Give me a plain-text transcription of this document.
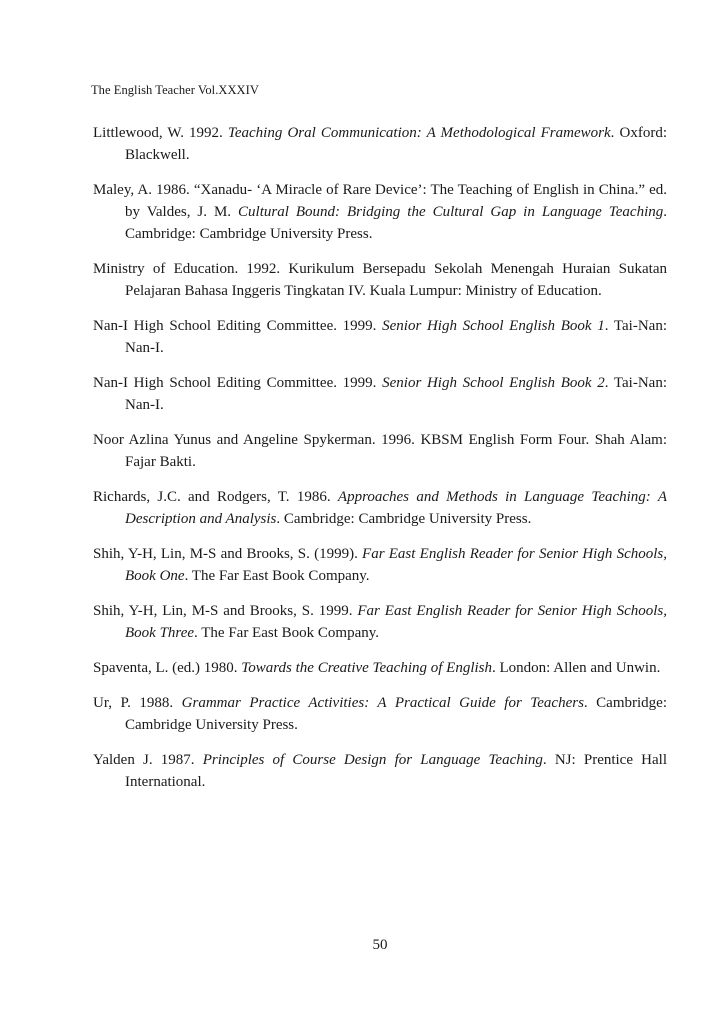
The English Teacher Vol.XXXIV

Littlewood, W. 1992. Teaching Oral Communication: A Methodological Framework. Oxford: Blackwell.

Maley, A. 1986. “Xanadu- ‘A Miracle of Rare Device’: The Teaching of English in China.” ed. by Valdes, J. M. Cultural Bound: Bridging the Cultural Gap in Language Teaching. Cambridge: Cambridge University Press.

Ministry of Education. 1992. Kurikulum Bersepadu Sekolah Menengah Huraian Sukatan Pelajaran Bahasa Inggeris Tingkatan IV. Kuala Lumpur: Ministry of Education.

Nan-I High School Editing Committee. 1999. Senior High School English Book 1. Tai-Nan: Nan-I.

Nan-I High School Editing Committee. 1999. Senior High School English Book 2. Tai-Nan: Nan-I.

Noor Azlina Yunus and Angeline Spykerman. 1996. KBSM English Form Four. Shah Alam: Fajar Bakti.

Richards, J.C. and Rodgers, T. 1986. Approaches and Methods in Language Teaching: A Description and Analysis. Cambridge: Cambridge University Press.

Shih, Y-H, Lin, M-S and Brooks, S. (1999). Far East English Reader for Senior High Schools, Book One. The Far East Book Company.

Shih, Y-H, Lin, M-S and Brooks, S. 1999. Far East English Reader for Senior High Schools, Book Three. The Far East Book Company.

Spaventa, L. (ed.) 1980. Towards the Creative Teaching of English. London: Allen and Unwin.

Ur, P. 1988. Grammar Practice Activities: A Practical Guide for Teachers. Cambridge: Cambridge University Press.

Yalden J. 1987. Principles of Course Design for Language Teaching. NJ: Prentice Hall International.

50
